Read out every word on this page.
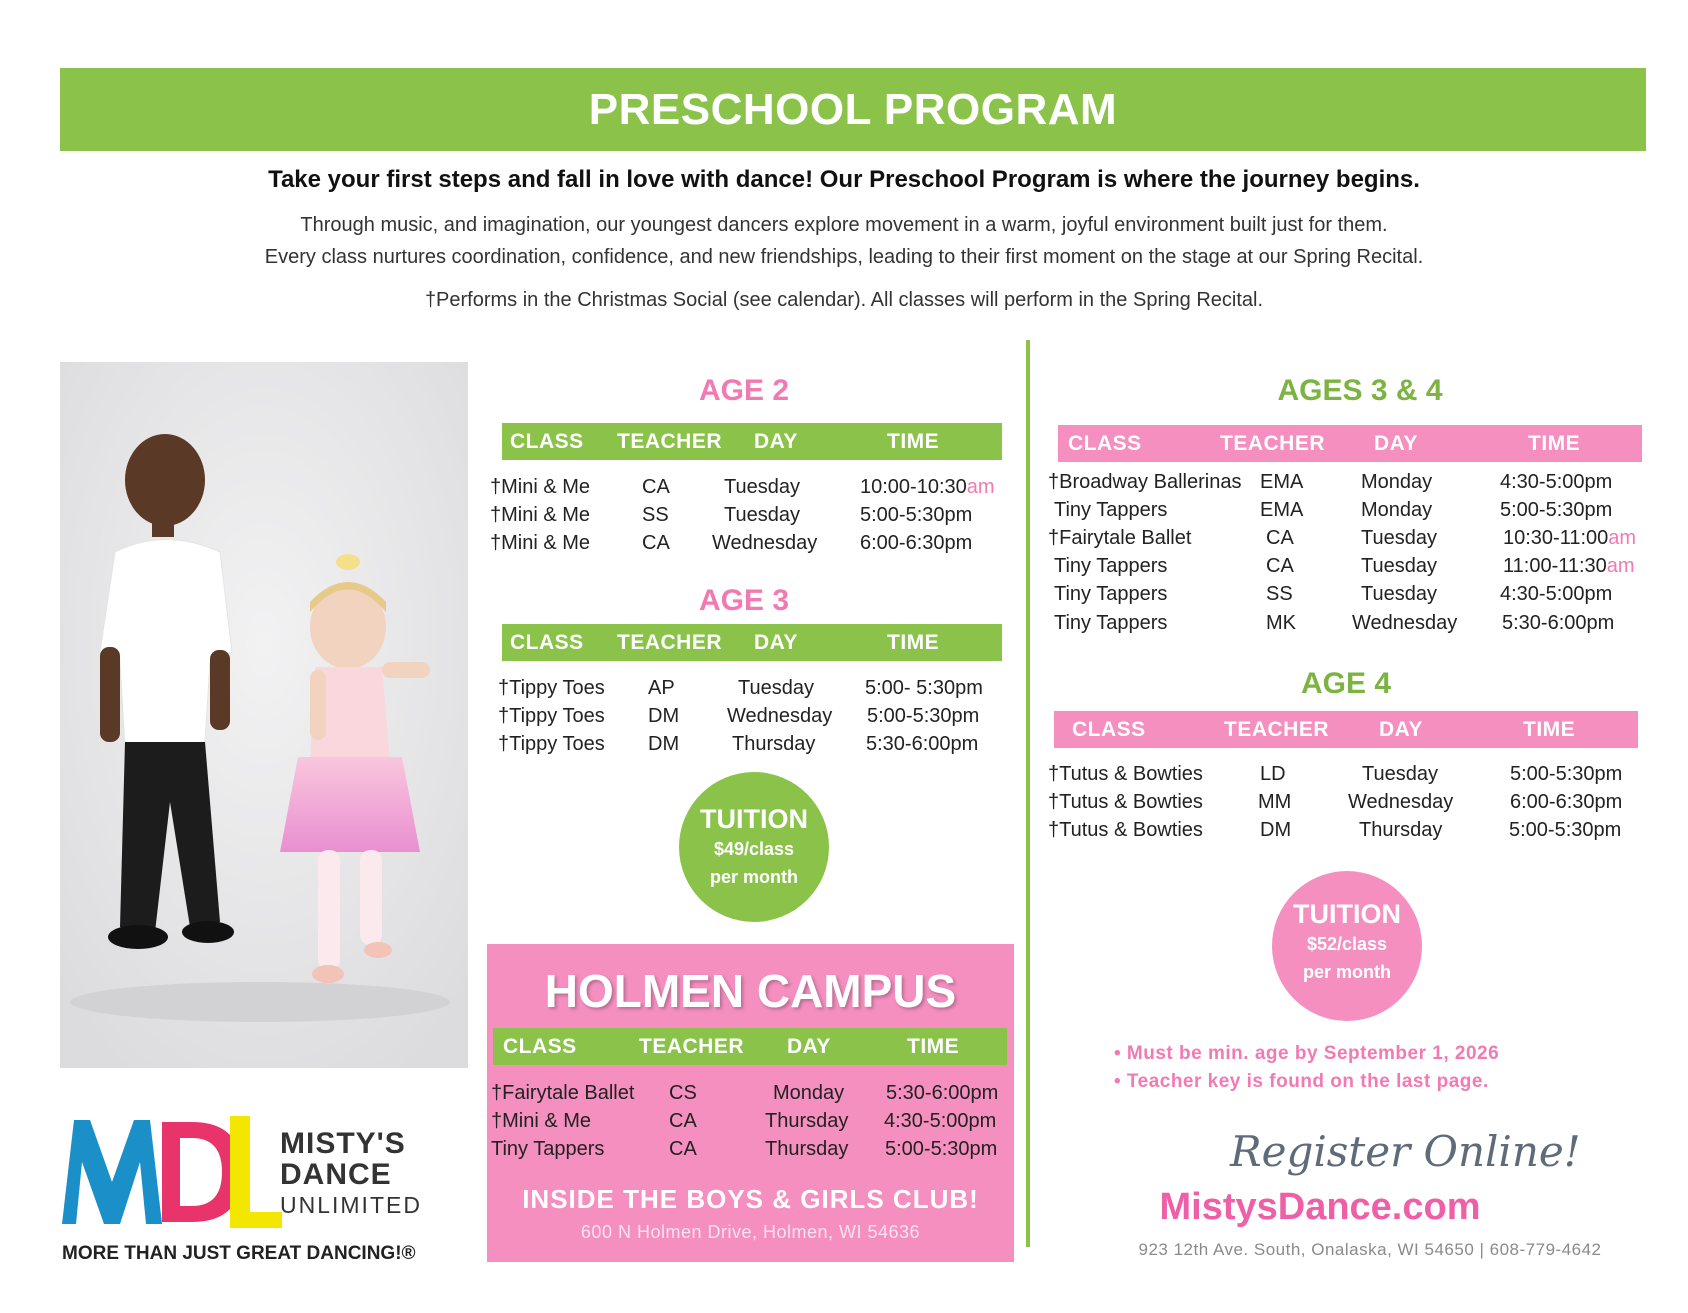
PRESCHOOL PROGRAM
Take your first steps and fall in love with dance! Our Preschool Program is where the journey begins.
Through music, and imagination, our youngest dancers explore movement in a warm, joyful environment built just for them.
Every class nurtures coordination, confidence, and new friendships, leading to their first moment on the stage at our Spring Recital.
†Performs in the Christmas Social (see calendar). All classes will perform in the Spring Recital.
AGE 2
CLASS TEACHER DAY	TIME
†Mini & Me	CA	Tuesday	10:00-10:30am
†Mini & Me	SS	Tuesday	5:00-5:30pm
†Mini & Me	CA Wednesday 6:00-6:30pm
AGE 3
CLASS TEACHER DAY	TIME
†Tippy Toes AP	Tuesday	5:00- 5:30pm
†Tippy Toes DM Wednesday 5:00-5:30pm
†Tippy Toes DM	Thursday	5:30-6:00pm
TUITION
$49/class
per month
HOLMEN CAMPUS
CLASS	TEACHER DAY	TIME
†Fairytale Ballet CS	Monday 5:30-6:00pm
†Mini & Me	CA	Thursday 4:30-5:00pm
Tiny Tappers	CA	Thursday 5:00-5:30pm
INSIDE THE BOYS & GIRLS CLUB!
600 N Holmen Drive, Holmen, WI 54636
AGES 3 & 4
CLASS	TEACHER DAY	TIME
†Broadway Ballerinas EMA	Monday	4:30-5:00pm
Tiny Tappers	EMA	Monday	5:00-5:30pm
†Fairytale Ballet	CA	Tuesday	10:30-11:00am
Tiny Tappers	CA	Tuesday	11:00-11:30am
Tiny Tappers	SS	Tuesday	4:30-5:00pm
Tiny Tappers	MK	Wednesday 5:30-6:00pm
AGE 4
CLASS	TEACHER DAY	TIME
†Tutus & Bowties	LD	Tuesday	5:00-5:30pm
†Tutus & Bowties	MM	Wednesday	6:00-6:30pm
†Tutus & Bowties	DM	Thursday	5:00-5:30pm
TUITION
$52/class
per month
• Must be min. age by September 1, 2026
• Teacher key is found on the last page.
Register Online!
MistysDance.com
923 12th Ave. South, Onalaska, WI 54650 | 608-779-4642
MISTY'S
DANCE
UNLIMITED
MORE THAN JUST GREAT DANCING!®
